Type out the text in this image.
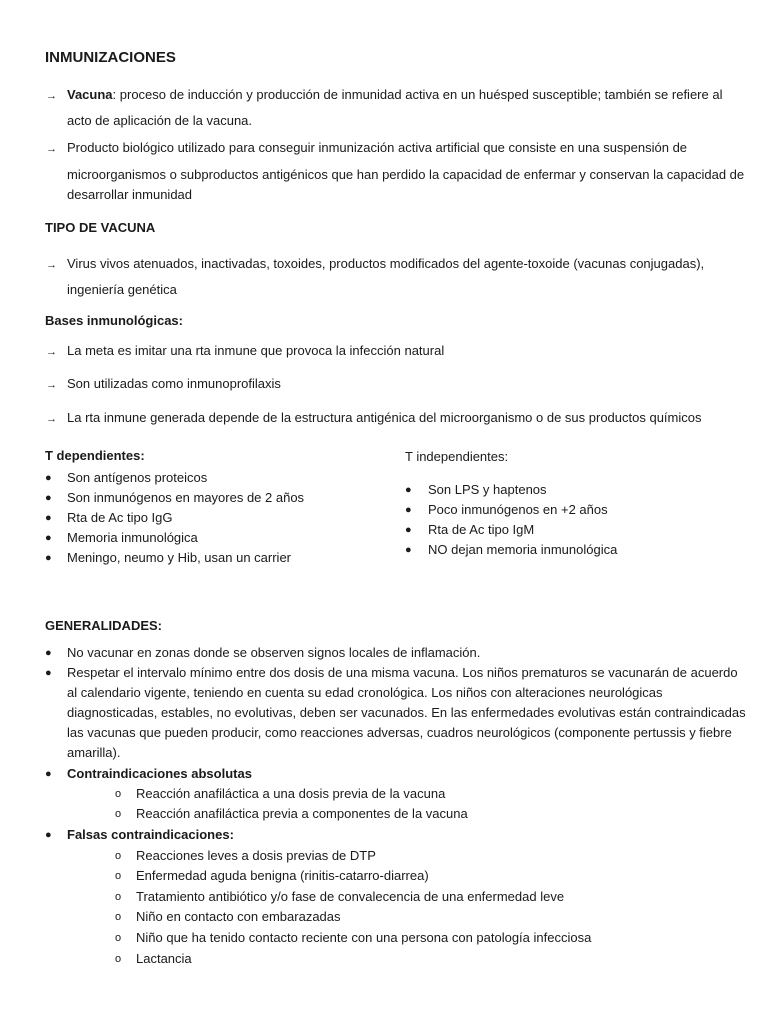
INMUNIZACIONES
→ Vacuna: proceso de inducción y producción de inmunidad activa en un huésped susceptible; también se refiere al
acto de aplicación de la vacuna.
→ Producto biológico utilizado para conseguir inmunización activa artificial que consiste en una suspensión de
microorganismos o subproductos antigénicos que han perdido la capacidad de enfermar y conservan la capacidad de
desarrollar inmunidad
TIPO DE VACUNA
→ Virus vivos atenuados, inactivadas, toxoides, productos modificados del agente-toxoide (vacunas conjugadas),
ingeniería genética
Bases inmunológicas:
→ La meta es imitar una rta inmune que provoca la infección natural
→ Son utilizadas como inmunoprofilaxis
→ La rta inmune generada depende de la estructura antigénica del microorganismo o de sus productos químicos
T dependientes:
● Son antígenos proteicos
● Son inmunógenos en mayores de 2 años
● Rta de Ac tipo IgG
● Memoria inmunológica
● Meningo, neumo y Hib, usan un carrier
T independientes:
● Son LPS y haptenos
● Poco inmunógenos en +2 años
● Rta de Ac tipo IgM
● NO dejan memoria inmunológica
GENERALIDADES:
● No vacunar en zonas donde se observen signos locales de inflamación.
● Respetar el intervalo mínimo entre dos dosis de una misma vacuna. Los niños prematuros se vacunarán de acuerdo
al calendario vigente, teniendo en cuenta su edad cronológica. Los niños con alteraciones neurológicas
diagnosticadas, estables, no evolutivas, deben ser vacunados. En las enfermedades evolutivas están contraindicadas
las vacunas que pueden producir, como reacciones adversas, cuadros neurológicos (componente pertussis y fiebre
amarilla).
● Contraindicaciones absolutas
o Reacción anafiláctica a una dosis previa de la vacuna
o Reacción anafiláctica previa a componentes de la vacuna
● Falsas contraindicaciones:
o Reacciones leves a dosis previas de DTP
o Enfermedad aguda benigna (rinitis-catarro-diarrea)
o Tratamiento antibiótico y/o fase de convalecencia de una enfermedad leve
o Niño en contacto con embarazadas
o Niño que ha tenido contacto reciente con una persona con patología infecciosa
o Lactancia
